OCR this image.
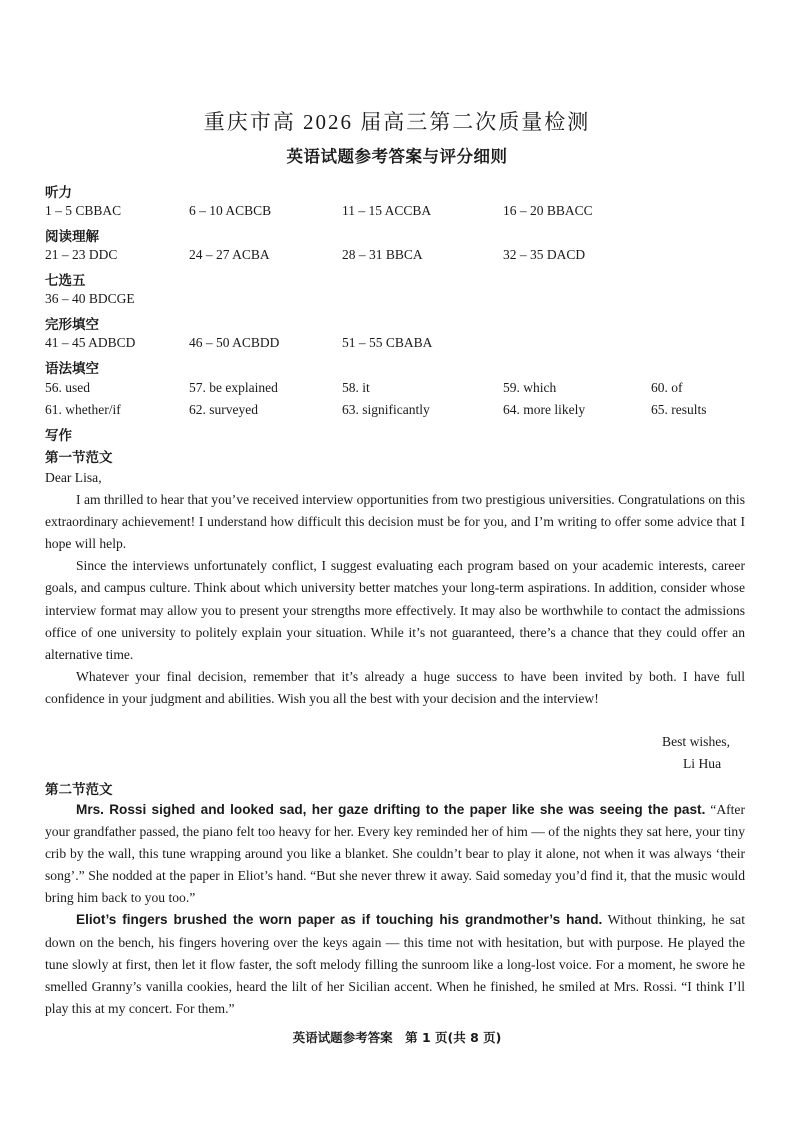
重庆市高 2026 届高三第二次质量检测
英语试题参考答案与评分细则
听力
1 – 5 CBBAC	6 – 10 ACBCB	11 – 15 ACCBA	16 – 20 BBACC
阅读理解
21 – 23 DDC	24 – 27 ACBA	28 – 31 BBCA	32 – 35 DACD
七选五
36 – 40 BDCGE
完形填空
41 – 45 ADBCD	46 – 50 ACBDD	51 – 55 CBABA
语法填空
56. used	57. be explained	58. it	59. which	60. of
61. whether/if	62. surveyed	63. significantly	64. more likely	65. results
写作
第一节范文

Dear Lisa,

I am thrilled to hear that you’ve received interview opportunities from two prestigious universities. Congratulations on this extraordinary achievement! I understand how difficult this decision must be for you, and I’m writing to offer some advice that I hope will help.

Since the interviews unfortunately conflict, I suggest evaluating each program based on your academic interests, career goals, and campus culture. Think about which university better matches your long-term aspirations. In addition, consider whose interview format may allow you to present your strengths more effectively. It may also be worthwhile to contact the admissions office of one university to politely explain your situation. While it’s not guaranteed, there’s a chance that they could offer an alternative time.

Whatever your final decision, remember that it’s already a huge success to have been invited by both. I have full confidence in your judgment and abilities. Wish you all the best with your decision and the interview!

Best wishes,
Li Hua
第二节范文

Mrs. Rossi sighed and looked sad, her gaze drifting to the paper like she was seeing the past. “After your grandfather passed, the piano felt too heavy for her. Every key reminded her of him — of the nights they sat here, your tiny crib by the wall, this tune wrapping around you like a blanket. She couldn’t bear to play it alone, not when it was always ‘their song’.” She nodded at the paper in Eliot’s hand. “But she never threw it away. Said someday you’d find it, that the music would bring him back to you too.”

Eliot’s fingers brushed the worn paper as if touching his grandmother’s hand. Without thinking, he sat down on the bench, his fingers hovering over the keys again — this time not with hesitation, but with purpose. He played the tune slowly at first, then let it flow faster, the soft melody filling the sunroom like a long-lost voice. For a moment, he swore he smelled Granny’s vanilla cookies, heard the lilt of her Sicilian accent. When he finished, he smiled at Mrs. Rossi. “I think I’ll play this at my concert. For them.”

英语试题参考答案　第 1 页(共 8 页)
